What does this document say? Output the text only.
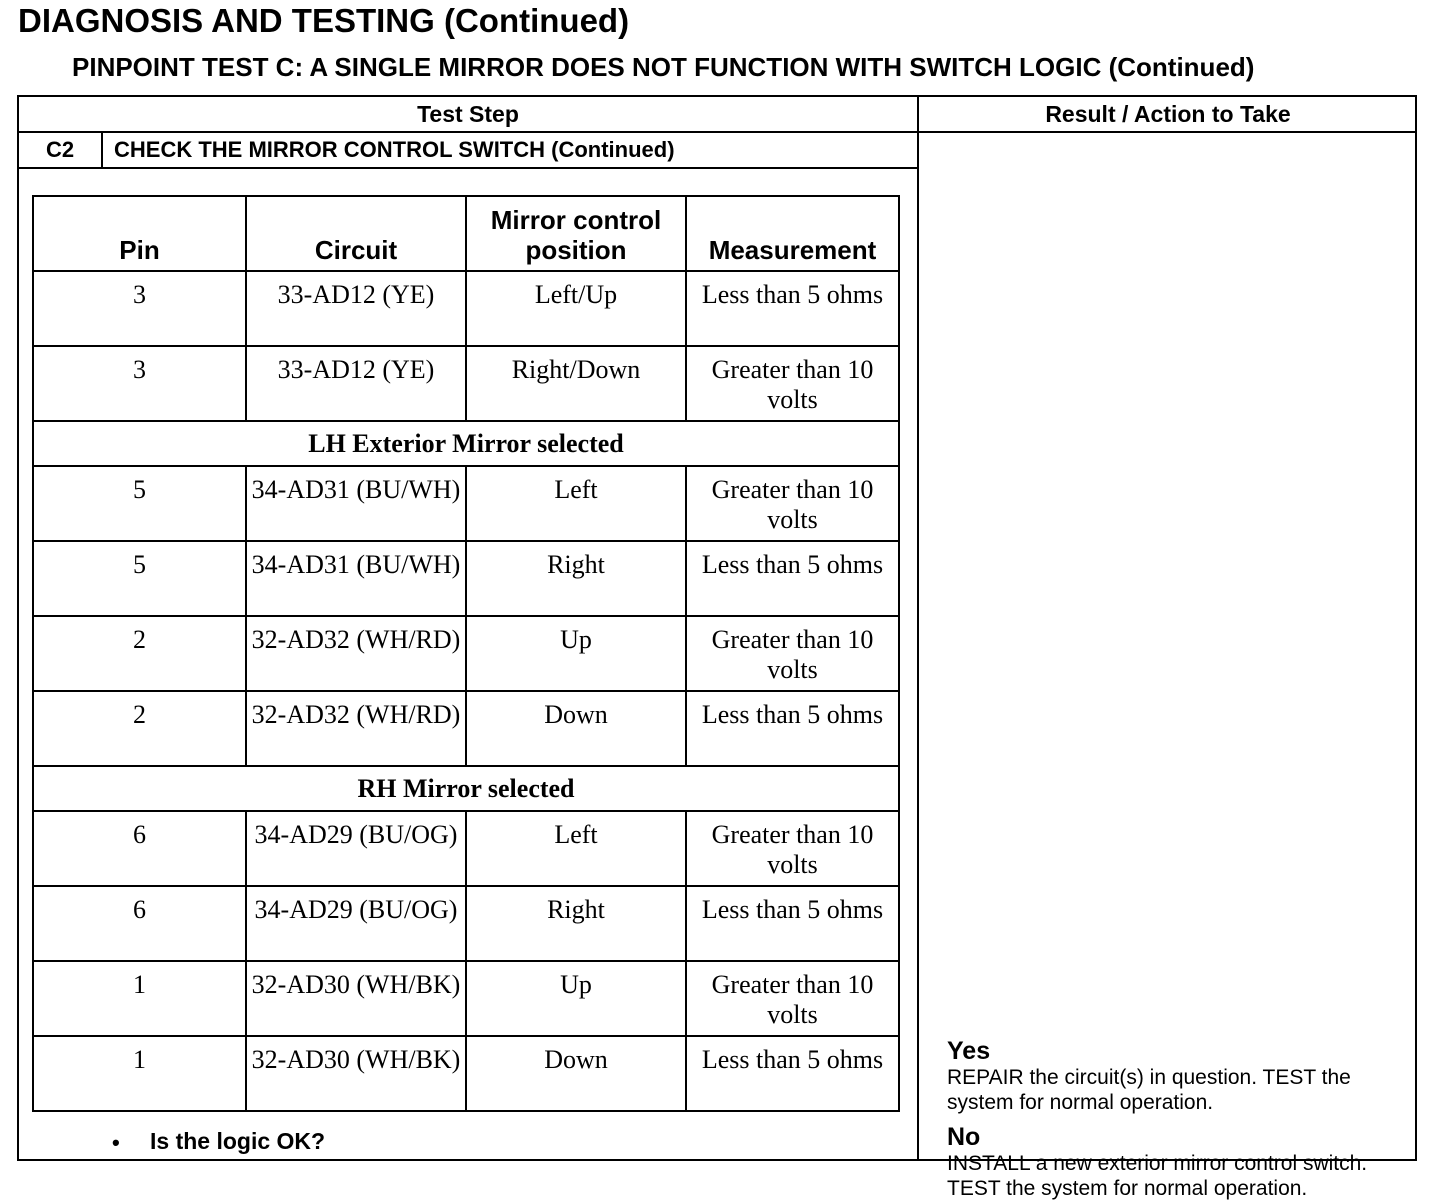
DIAGNOSIS AND TESTING (Continued)
PINPOINT TEST C: A SINGLE MIRROR DOES NOT FUNCTION WITH SWITCH LOGIC (Continued)
Test Step	Result / Action to Take
C2	CHECK THE MIRROR CONTROL SWITCH (Continued)
Yes
REPAIR the circuit(s) in question. TEST the system for normal operation.
No
INSTALL a new exterior mirror control switch. TEST the system for normal operation.
Pin	Circuit	Mirror control position	Measurement
3	33-AD12 (YE)	Left/Up	Less than 5 ohms
3	33-AD12 (YE)	Right/Down	Greater than 10 volts
LH Exterior Mirror selected			
5	34-AD31 (BU/WH)	Left	Greater than 10 volts
5	34-AD31 (BU/WH)	Right	Less than 5 ohms
2	32-AD32 (WH/RD)	Up	Greater than 10 volts
2	32-AD32 (WH/RD)	Down	Less than 5 ohms
RH Mirror selected			
6	34-AD29 (BU/OG)	Left	Greater than 10 volts
6	34-AD29 (BU/OG)	Right	Less than 5 ohms
1	32-AD30 (WH/BK)	Up	Greater than 10 volts
1	32-AD30 (WH/BK)	Down	Less than 5 ohms
• Is the logic OK?
